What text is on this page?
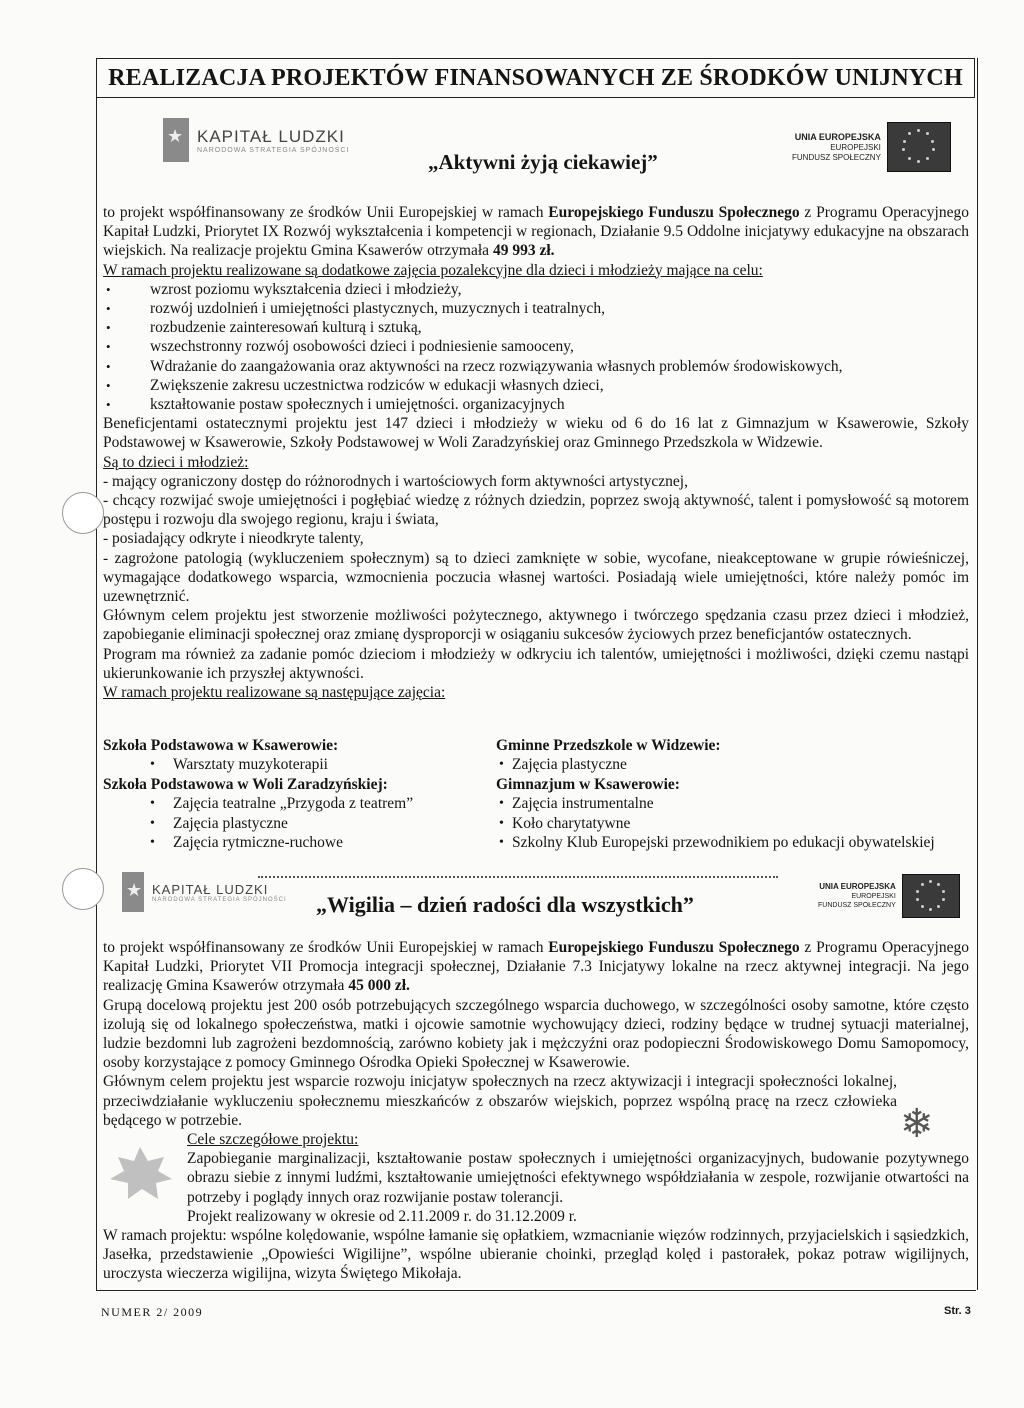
REALIZACJA PROJEKTÓW FINANSOWANYCH ZE ŚRODKÓW UNIJNYCH
★
KAPITAŁ LUDZKI
NARODOWA STRATEGIA SPÓJNOŚCI	„Aktywni żyją ciekawiej”
UNIA EUROPEJSKA
EUROPEJSKI
FUNDUSZ SPOŁECZNY

to projekt współfinansowany ze środków Unii Europejskiej w ramach Europejskiego Funduszu Społecznego z Programu Operacyjnego Kapitał Ludzki, Priorytet IX Rozwój wykształcenia i kompetencji w regionach, Działanie 9.5 Oddolne inicjatywy edukacyjne na obszarach wiejskich. Na realizacje projektu Gmina Ksawerów otrzymała 49 993 zł.

W ramach projektu realizowane są dodatkowe zajęcia pozalekcyjne dla dzieci i młodzieży mające na celu:

• wzrost poziomu wykształcenia dzieci i młodzieży,
• rozwój uzdolnień i umiejętności plastycznych, muzycznych i teatralnych,
• rozbudzenie zainteresowań kulturą i sztuką,
• wszechstronny rozwój osobowości dzieci i podniesienie samooceny,
• Wdrażanie do zaangażowania oraz aktywności na rzecz rozwiązywania własnych problemów środowiskowych,
• Zwiększenie zakresu uczestnictwa rodziców w edukacji własnych dzieci,
• kształtowanie postaw społecznych i umiejętności. organizacyjnych

Beneficjentami ostatecznymi projektu jest 147 dzieci i młodzieży w wieku od 6 do 16 lat z Gimnazjum w Ksawerowie, Szkoły Podstawowej w Ksawerowie, Szkoły Podstawowej w Woli Zaradzyńskiej oraz Gminnego Przedszkola w Widzewie.

Są to dzieci i młodzież:

- mający ograniczony dostęp do różnorodnych i wartościowych form aktywności artystycznej,

- chcący rozwijać swoje umiejętności i pogłębiać wiedzę z różnych dziedzin, poprzez swoją aktywność, talent i pomysłowość są motorem postępu i rozwoju dla swojego regionu, kraju i świata,

- posiadający odkryte i nieodkryte talenty,

- zagrożone patologią (wykluczeniem społecznym) są to dzieci zamknięte w sobie, wycofane, nieakceptowane w grupie rówieśniczej, wymagające dodatkowego wsparcia, wzmocnienia poczucia własnej wartości. Posiadają wiele umiejętności, które należy pomóc im uzewnętrznić.

Głównym celem projektu jest stworzenie możliwości pożytecznego, aktywnego i twórczego spędzania czasu przez dzieci i młodzież, zapobieganie eliminacji społecznej oraz zmianę dysproporcji w osiąganiu sukcesów życiowych przez beneficjantów ostatecznych.

Program ma również za zadanie pomóc dzieciom i młodzieży w odkryciu ich talentów, umiejętności i możliwości, dzięki czemu nastąpi ukierunkowanie ich przyszłej aktywności.

W ramach projektu realizowane są następujące zajęcia:

Szkoła Podstawowa w Ksawerowie:
• Warsztaty muzykoterapii
Szkoła Podstawowa w Woli Zaradzyńskiej:
• Zajęcia teatralne „Przygoda z teatrem”
• Zajęcia plastyczne
• Zajęcia rytmiczne-ruchowe
Gminne Przedszkole w Widzewie:
• Zajęcia plastyczne
Gimnazjum w Ksawerowie:
• Zajęcia instrumentalne
• Koło charytatywne
• Szkolny Klub Europejski przewodnikiem po edukacji obywatelskiej
★
KAPITAŁ LUDZKI
NARODOWA STRATEGIA SPÓJNOŚCI „Wigilia – dzień radości dla wszystkich”
UNIA EUROPEJSKA
EUROPEJSKI
FUNDUSZ SPOŁECZNY

to projekt współfinansowany ze środków Unii Europejskiej w ramach Europejskiego Funduszu Społecznego z Programu Operacyjnego Kapitał Ludzki, Priorytet VII Promocja integracji społecznej, Działanie 7.3 Inicjatywy lokalne na rzecz aktywnej integracji. Na jego realizację Gmina Ksawerów otrzymała 45 000 zł.

Grupą docelową projektu jest 200 osób potrzebujących szczególnego wsparcia duchowego, w szczególności osoby samotne, które często izolują się od lokalnego społeczeństwa, matki i ojcowie samotnie wychowujący dzieci, rodziny będące w trudnej sytuacji materialnej, ludzie bezdomni lub zagrożeni bezdomnością, zarówno kobiety jak i mężczyźni oraz podopieczni Środowiskowego Domu Samopomocy, osoby korzystające z pomocy Gminnego Ośrodka Opieki Społecznej w Ksawerowie.

Głównym celem projektu jest wsparcie rozwoju inicjatyw społecznych na rzecz aktywizacji i integracji społeczności lokalnej, przeciwdziałanie wykluczeniu społecznemu mieszkańców z obszarów wiejskich, poprzez wspólną pracę na rzecz człowieka będącego w potrzebie.

Cele szczegółowe projektu:

Zapobieganie marginalizacji, kształtowanie postaw społecznych i umiejętności organizacyjnych, budowanie pozytywnego obrazu siebie z innymi ludźmi, kształtowanie umiejętności efektywnego współdziałania w zespole, rozwijanie otwartości na potrzeby i poglądy innych oraz rozwijanie postaw tolerancji.

Projekt realizowany w okresie od 2.11.2009 r. do 31.12.2009 r.

W ramach projektu: wspólne kolędowanie, wspólne łamanie się opłatkiem, wzmacnianie więzów rodzinnych, przyjacielskich i sąsiedzkich, Jasełka, przedstawienie „Opowieści Wigilijne”, wspólne ubieranie choinki, przegląd kolęd i pastorałek, pokaz potraw wigilijnych, uroczysta wieczerza wigilijna, wizyta Świętego Mikołaja.

❄
NUMER 2/ 2009	Str. 3
